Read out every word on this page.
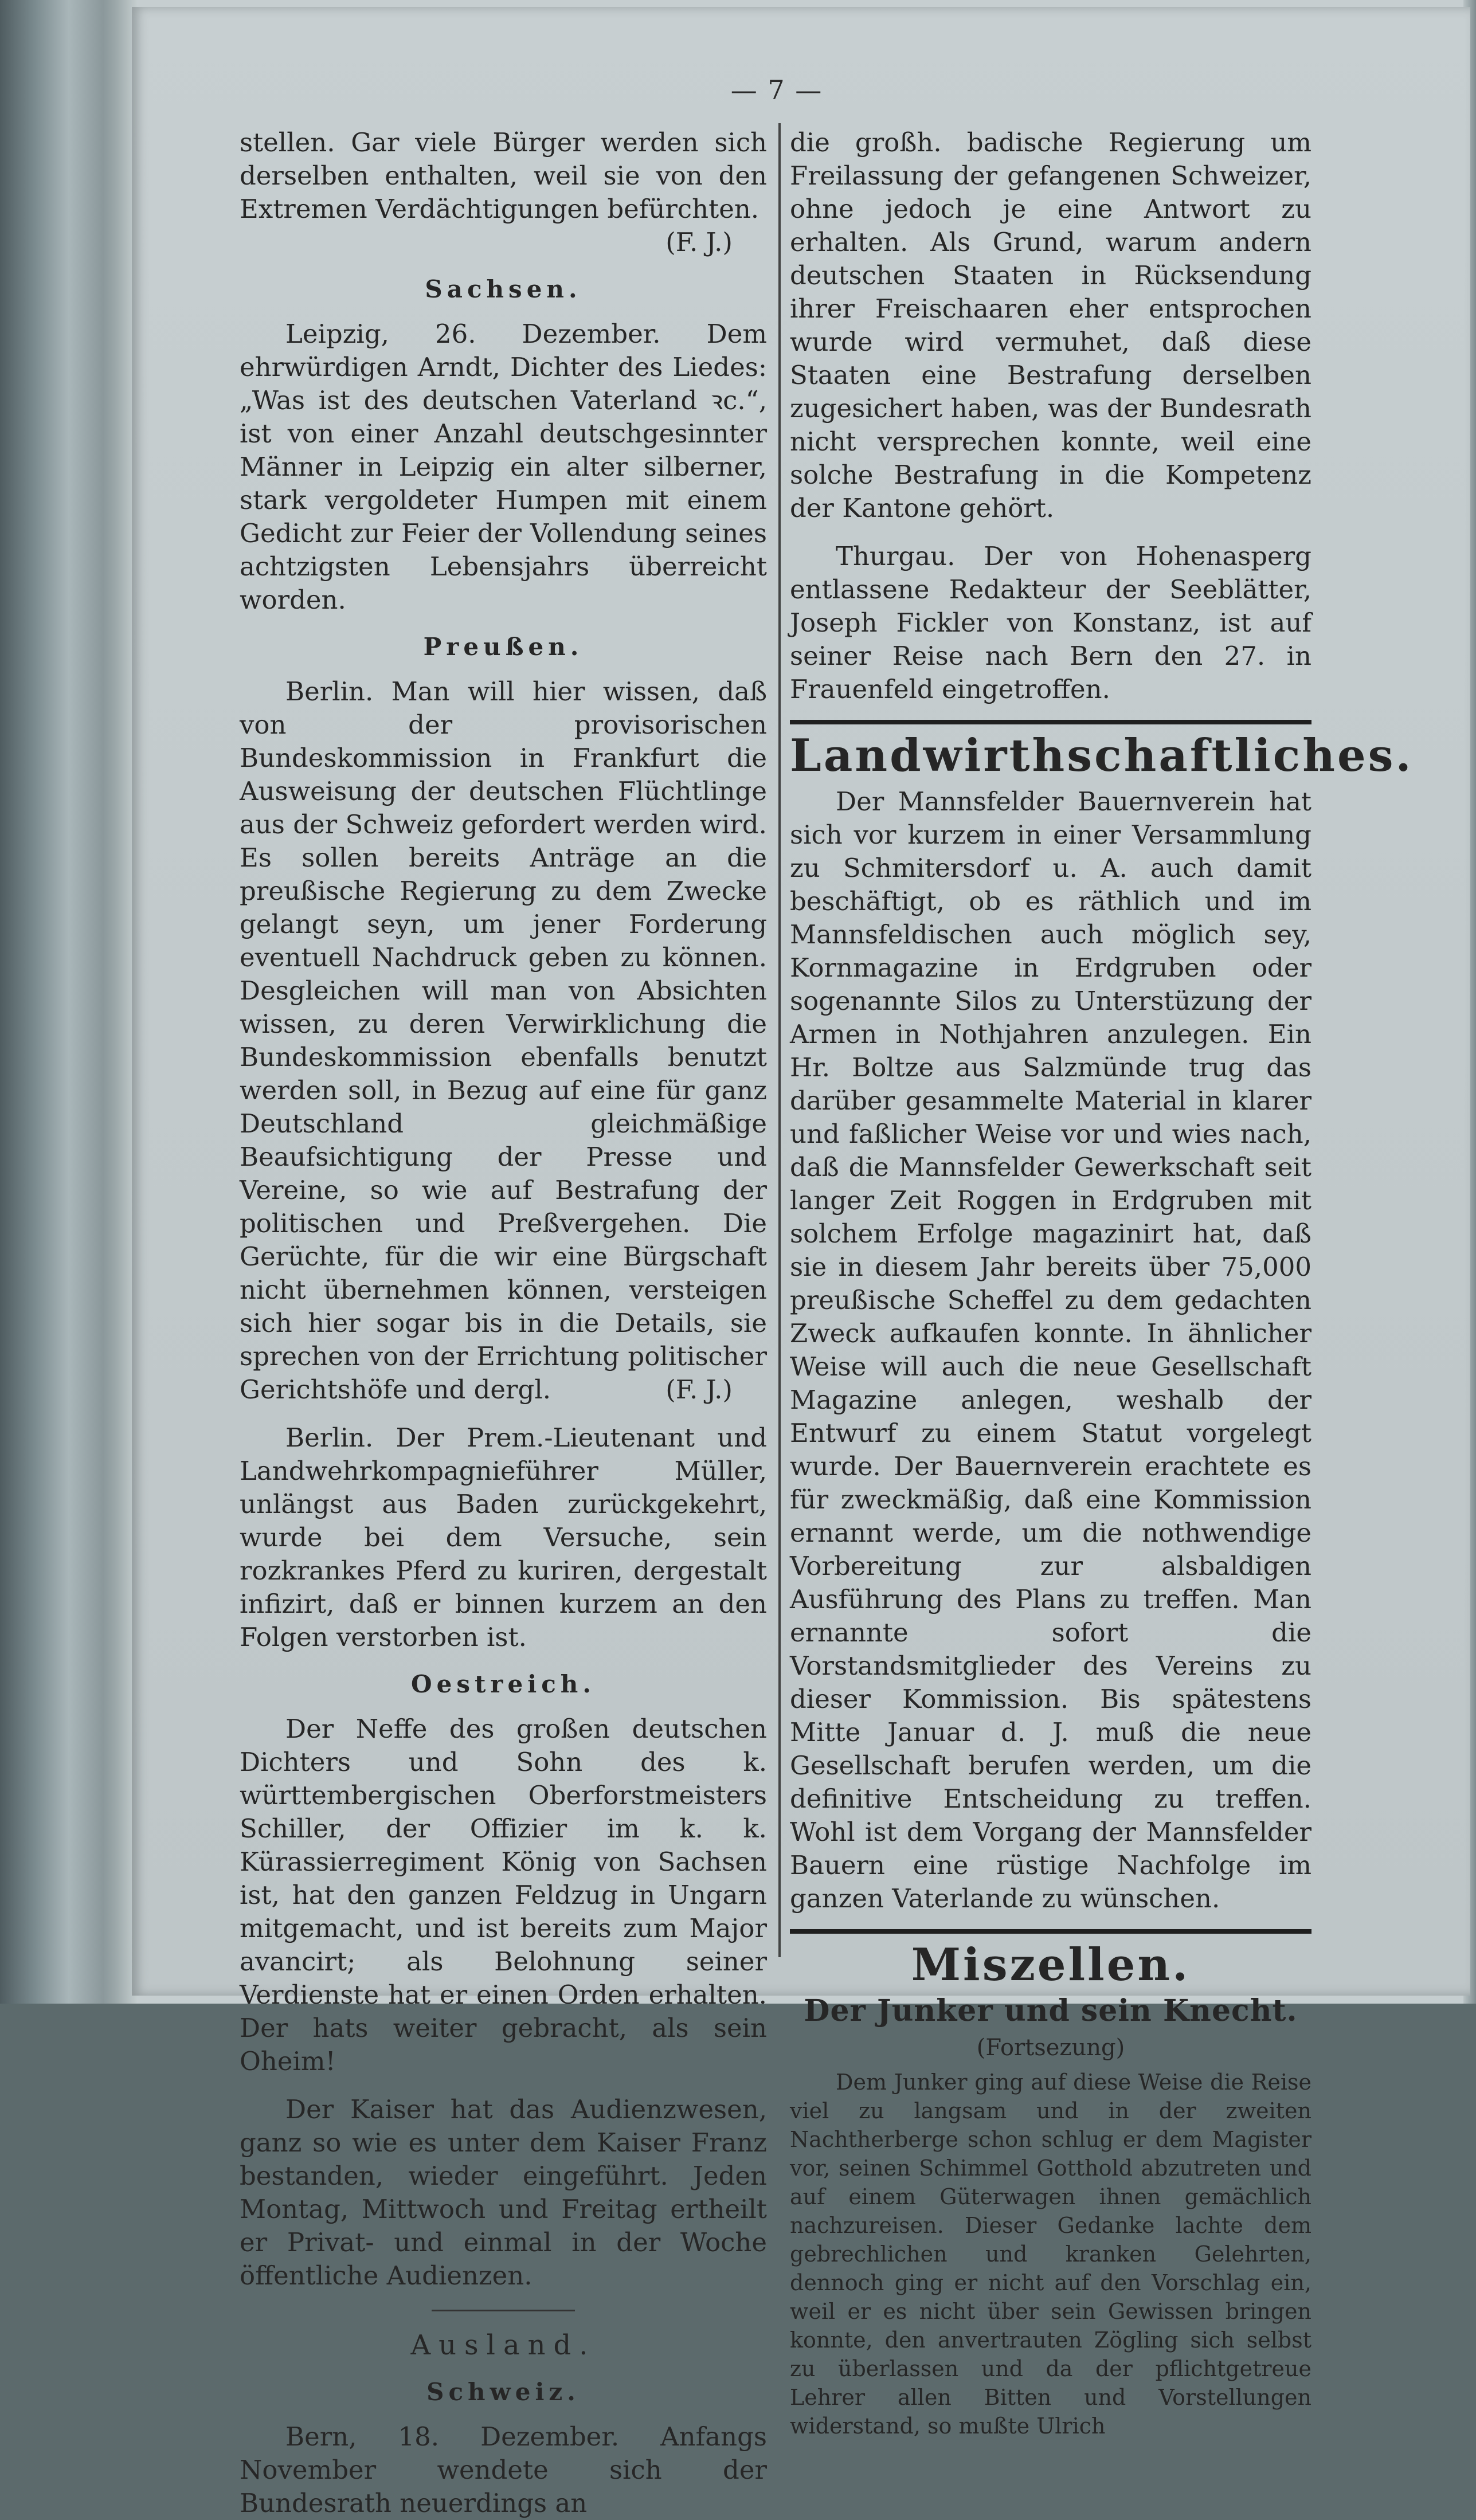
— 7 —

stellen. Gar viele Bürger werden sich derselben enthalten, weil sie von den Extremen Verdächtigungen befürchten.
(F. J.)

Sachsen.

Leipzig, 26. Dezember. Dem ehrwürdigen Arndt, Dichter des Liedes: „Was ist des deutschen Vaterland ꝛc.“, ist von einer Anzahl deutschgesinnter Männer in Leipzig ein alter silberner, stark vergoldeter Humpen mit einem Gedicht zur Feier der Vollendung seines achtzigsten Lebensjahrs überreicht worden.

Preußen.

Berlin. Man will hier wissen, daß von der provisorischen Bundeskommission in Frankfurt die Ausweisung der deutschen Flüchtlinge aus der Schweiz gefordert werden wird. Es sollen bereits Anträge an die preußische Regierung zu dem Zwecke gelangt seyn, um jener Forderung eventuell Nachdruck geben zu können. Desgleichen will man von Absichten wissen, zu deren Verwirklichung die Bundeskommission ebenfalls benutzt werden soll, in Bezug auf eine für ganz Deutschland gleichmäßige Beaufsichtigung der Presse und Vereine, so wie auf Bestrafung der politischen und Preßvergehen. Die Gerüchte, für die wir eine Bürgschaft nicht übernehmen können, versteigen sich hier sogar bis in die Details, sie sprechen von der Errichtung politischer Gerichtshöfe und dergl.	(F. J.)

Berlin. Der Prem.-Lieutenant und Landwehrkompagnieführer Müller, unlängst aus Baden zurückgekehrt, wurde bei dem Versuche, sein rozkrankes Pferd zu kuriren, dergestalt infizirt, daß er binnen kurzem an den Folgen verstorben ist.

Oestreich.

Der Neffe des großen deutschen Dichters und Sohn des k. württembergischen Oberforstmeisters Schiller, der Offizier im k. k. Kürassierregiment König von Sachsen ist, hat den ganzen Feldzug in Ungarn mitgemacht, und ist bereits zum Major avancirt; als Belohnung seiner Verdienste hat er einen Orden erhalten. Der hats weiter gebracht, als sein Oheim!

Der Kaiser hat das Audienzwesen, ganz so wie es unter dem Kaiser Franz bestanden, wieder eingeführt. Jeden Montag, Mittwoch und Freitag ertheilt er Privat- und einmal in der Woche öffentliche Audienzen.

Ausland.
Schweiz.

Bern, 18. Dezember. Anfangs November wendete sich der Bundesrath neuerdings an

die großh. badische Regierung um Freilassung der gefangenen Schweizer, ohne jedoch je eine Antwort zu erhalten. Als Grund, warum andern deutschen Staaten in Rücksendung ihrer Freischaaren eher entsprochen wurde wird vermuhet, daß diese Staaten eine Bestrafung derselben zugesichert haben, was der Bundesrath nicht versprechen konnte, weil eine solche Bestrafung in die Kompetenz der Kantone gehört.

Thurgau. Der von Hohenasperg entlassene Redakteur der Seeblätter, Joseph Fickler von Konstanz, ist auf seiner Reise nach Bern den 27. in Frauenfeld eingetroffen.

Landwirthschaftliches.

Der Mannsfelder Bauernverein hat sich vor kurzem in einer Versammlung zu Schmitersdorf u. A. auch damit beschäftigt, ob es räthlich und im Mannsfeldischen auch möglich sey, Kornmagazine in Erdgruben oder sogenannte Silos zu Unterstüzung der Armen in Nothjahren anzulegen. Ein Hr. Boltze aus Salzmünde trug das darüber gesammelte Material in klarer und faßlicher Weise vor und wies nach, daß die Mannsfelder Gewerkschaft seit langer Zeit Roggen in Erdgruben mit solchem Erfolge magazinirt hat, daß sie in diesem Jahr bereits über 75,000 preußische Scheffel zu dem gedachten Zweck aufkaufen konnte. In ähnlicher Weise will auch die neue Gesellschaft Magazine anlegen, weshalb der Entwurf zu einem Statut vorgelegt wurde. Der Bauernverein erachtete es für zweckmäßig, daß eine Kommission ernannt werde, um die nothwendige Vorbereitung zur alsbaldigen Ausführung des Plans zu treffen. Man ernannte sofort die Vorstandsmitglieder des Vereins zu dieser Kommission. Bis spätestens Mitte Januar d. J. muß die neue Gesellschaft berufen werden, um die definitive Entscheidung zu treffen. Wohl ist dem Vorgang der Mannsfelder Bauern eine rüstige Nachfolge im ganzen Vaterlande zu wünschen.

Miszellen.
Der Junker und sein Knecht.
(Fortsezung)

Dem Junker ging auf diese Weise die Reise viel zu langsam und in der zweiten Nachtherberge schon schlug er dem Magister vor, seinen Schimmel Gotthold abzutreten und auf einem Güterwagen ihnen gemächlich nachzureisen. Dieser Gedanke lachte dem gebrechlichen und kranken Gelehrten, dennoch ging er nicht auf den Vorschlag ein, weil er es nicht über sein Gewissen bringen konnte, den anvertrauten Zögling sich selbst zu überlassen und da der pflichtgetreue Lehrer allen Bitten und Vorstellungen widerstand, so mußte Ulrich
